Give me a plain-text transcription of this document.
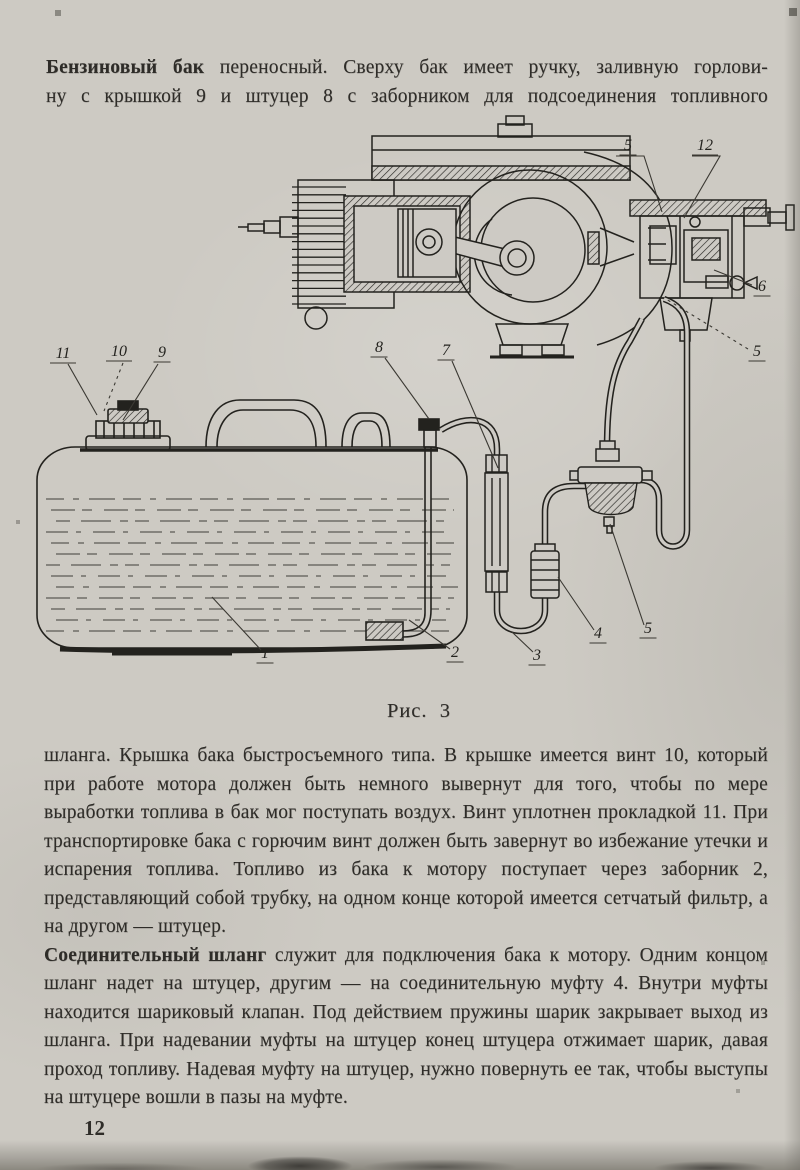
5	12
6
5
11	10 9	8	7
1	2	3
4	5

Бензиновый бак переносный. Сверху бак имеет ручку, заливную горлови-

ну с крышкой 9 и штуцер 8 с заборником для подсоединения топливного

Рис.  3

шланга. Крышка бака быстросъемного типа. В крышке имеется винт 10, который при работе мотора должен быть немного вывернут для того, чтобы по мере выработки топлива в бак мог поступать воздух. Винт уплотнен прокладкой 11. При транспортировке бака с горючим винт должен быть завернут во избежание утечки и испарения топлива. Топливо из бака к мотору поступает через заборник 2, представляющий собой трубку, на одном конце которой имеется сетчатый фильтр, а на другом — штуцер.

Соединительный шланг служит для подключения бака к мотору. Одним концом шланг надет на штуцер, другим — на соединительную муфту 4. Внутри муфты находится шариковый клапан. Под действием пружины шарик закрывает выход из шланга. При надевании муфты на штуцер конец штуцера отжимает шарик, давая проход топливу. Надевая муфту на штуцер, нужно повернуть ее так, чтобы выступы на штуцере вошли в пазы на муфте.

12
